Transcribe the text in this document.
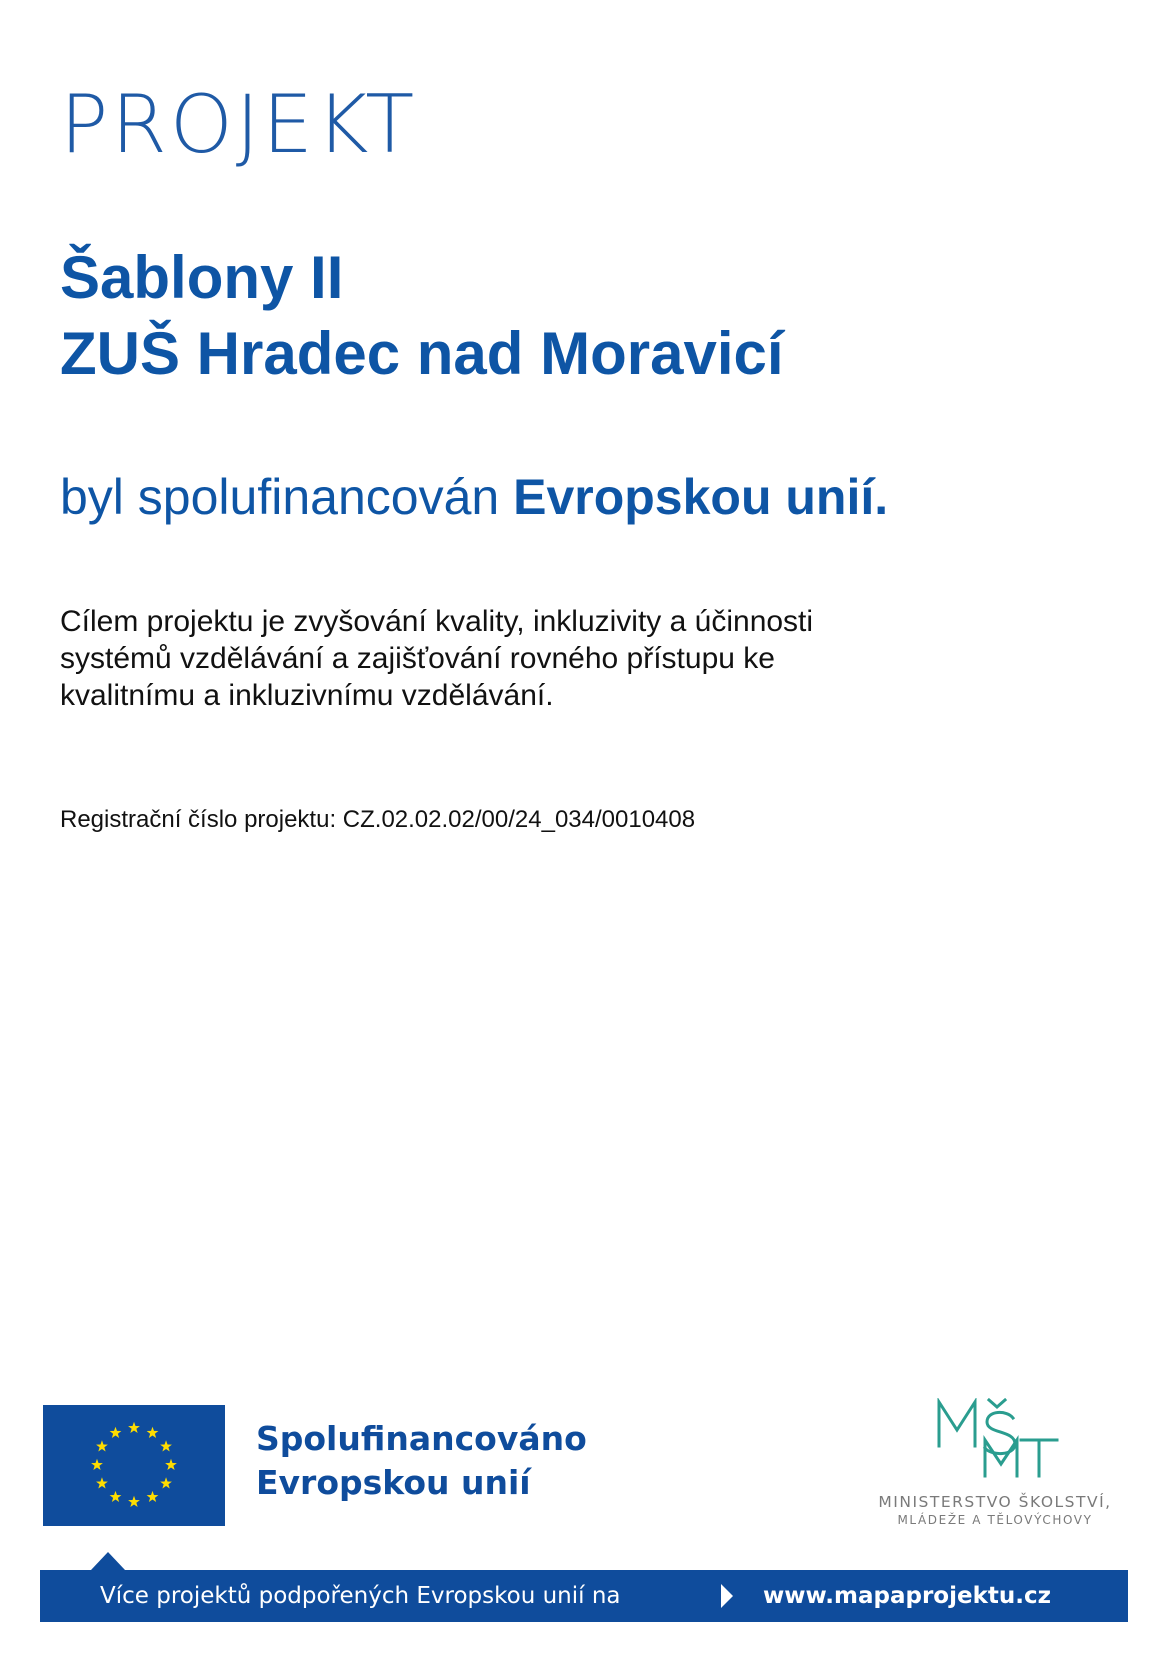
PROJEKT
Šablony II
ZUŠ Hradec nad Moravicí

byl spolufinancován Evropskou unií.

Cílem projektu je zvyšování kvality, inkluzivity a účinnosti
systémů vzdělávání a zajišťování rovného přístupu ke
kvalitnímu a inkluzivnímu vzdělávání.

Registrační číslo projektu: CZ.02.02.02/00/24_034/0010408

Spolufinancováno
Evropskou unií	MINISTERSTVO ŠKOLSTVÍ,
MLÁDEŽE A TĚLOVÝCHOVY

Více projektů podpořených Evropskou unií na	www.mapaprojektu.cz
